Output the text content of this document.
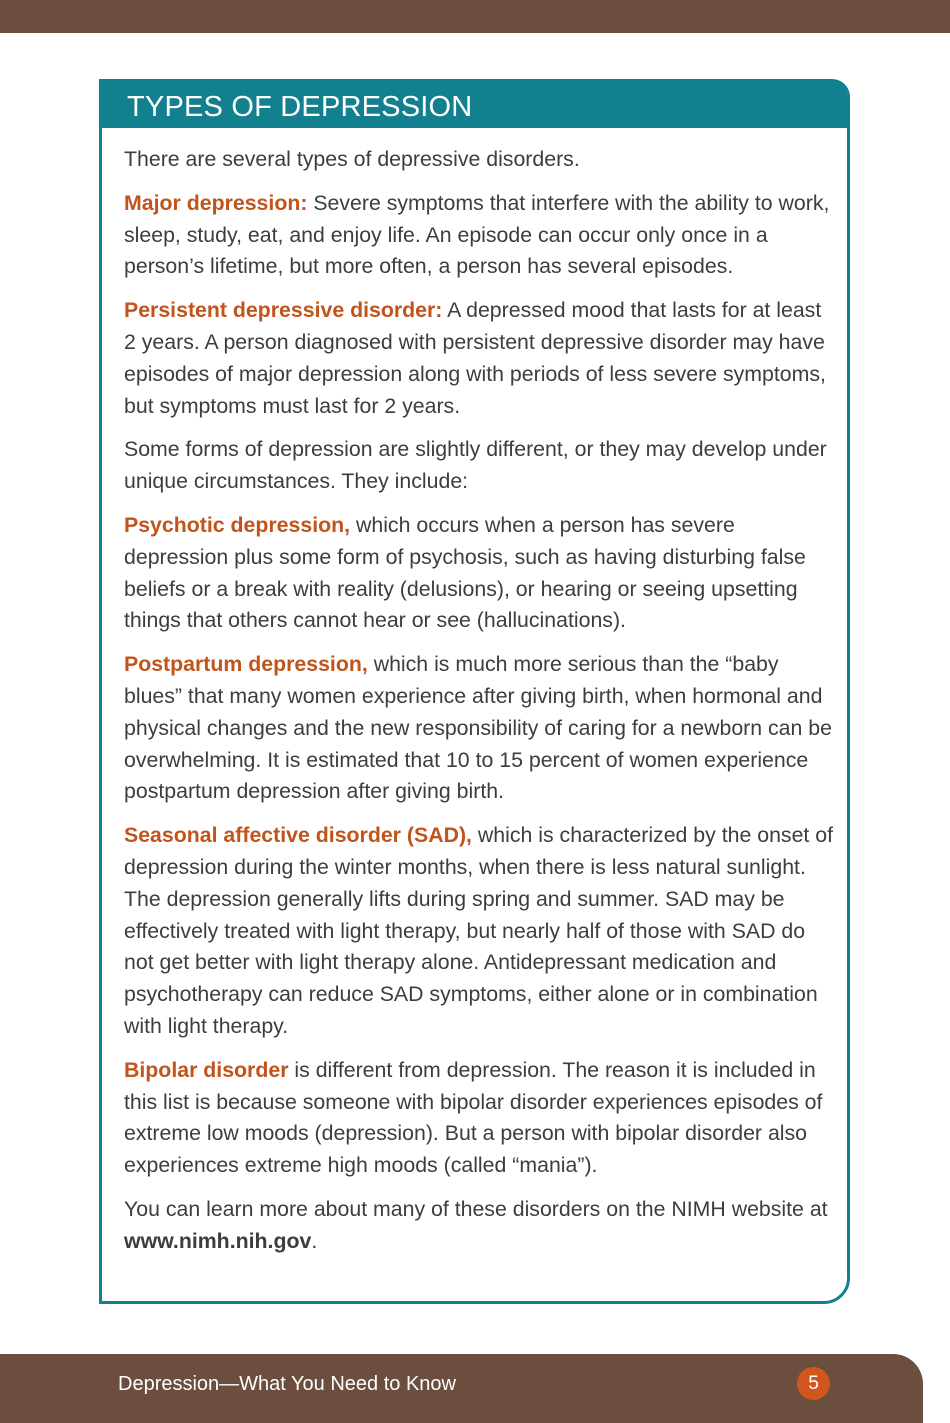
TYPES OF DEPRESSION

There are several types of depressive disorders.

Major depression: Severe symptoms that interfere with the ability to work, sleep, study, eat, and enjoy life. An episode can occur only once in a person’s lifetime, but more often, a person has several episodes.

Persistent depressive disorder: A depressed mood that lasts for at least 2 years. A person diagnosed with persistent depressive disorder may have episodes of major depression along with periods of less severe symptoms, but symptoms must last for 2 years.

Some forms of depression are slightly different, or they may develop under unique circumstances. They include:

Psychotic depression, which occurs when a person has severe depression plus some form of psychosis, such as having disturbing false beliefs or a break with reality (delusions), or hearing or seeing upsetting things that others cannot hear or see (hallucinations).

Postpartum depression, which is much more serious than the “baby blues” that many women experience after giving birth, when hormonal and physical changes and the new responsibility of caring for a newborn can be overwhelming. It is estimated that 10 to 15 percent of women experience postpartum depression after giving birth.

Seasonal affective disorder (SAD), which is characterized by the onset of depression during the winter months, when there is less natural sunlight. The depression generally lifts during spring and summer. SAD may be effectively treated with light therapy, but nearly half of those with SAD do not get better with light therapy alone. Antidepressant medication and psychotherapy can reduce SAD symptoms, either alone or in combination with light therapy.

Bipolar disorder is different from depression. The reason it is included in this list is because someone with bipolar disorder experiences episodes of extreme low moods (depression). But a person with bipolar disorder also experiences extreme high moods (called “mania”).

You can learn more about many of these disorders on the NIMH website at www.nimh.nih.gov.

Depression—What You Need to Know	5
